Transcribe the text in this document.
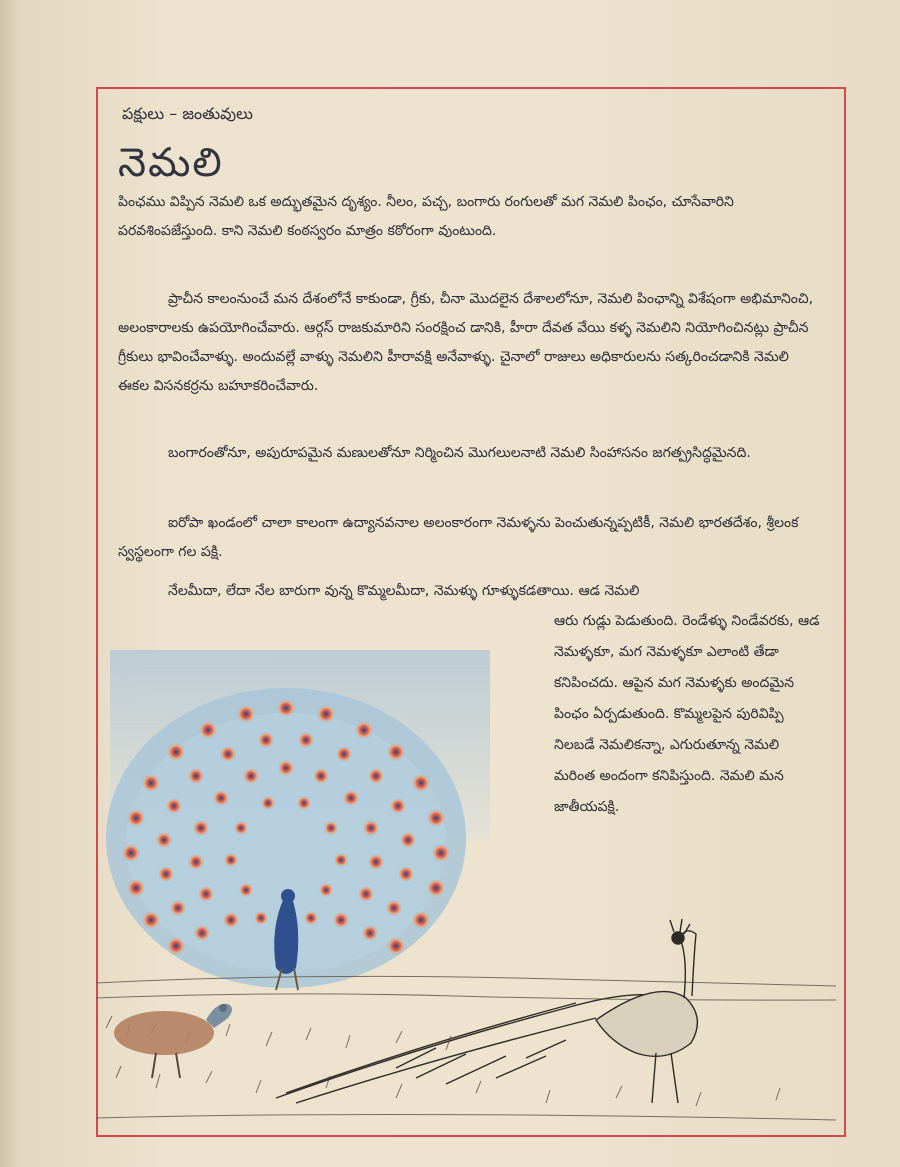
పక్షులు – జంతువులు
నెమలి
పింఛము విప్పిన నెమలి ఒక అద్భుతమైన దృశ్యం. నీలం, పచ్చ, బంగారు రంగులతో మగ నెమలి పింఛం, చూసేవారిని పరవశింపజేస్తుంది. కాని నెమలి కంఠస్వరం మాత్రం కఠోరంగా వుంటుంది.
ప్రాచీన కాలంనుంచే మన దేశంలోనే కాకుండా, గ్రీకు, చీనా మొదలైన దేశాలలోనూ, నెమలి పింఛాన్ని విశేషంగా అభిమానించి, అలంకారాలకు ఉపయోగించేవారు. ఆర్గస్ రాజకుమారిని సంరక్షించ డానికి, హీరా దేవత వేయి కళ్ళ నెమలిని నియోగించినట్లు ప్రాచీన గ్రీకులు భావించేవాళ్ళు. అందువల్లే వాళ్ళు నెమలిని హీరావక్షి అనేవాళ్ళు. చైనాలో రాజులు అధికారులను సత్కరించడానికి నెమలి ఈకల విసనకర్రను బహూకరించేవారు.
బంగారంతోనూ, అపురూపమైన మణులతోనూ నిర్మించిన మొగలులనాటి నెమలి సింహాసనం జగత్ప్రసిద్ధమైనది.
ఐరోపా ఖండంలో చాలా కాలంగా ఉద్యానవనాల అలంకారంగా నెమళ్ళను పెంచుతున్నప్పటికీ, నెమలి భారతదేశం, శ్రీలంక స్వస్థలంగా గల పక్షి.
నేలమీదా, లేదా నేల బారుగా వున్న కొమ్మలమీదా, నెమళ్ళు గూళ్ళుకడతాయి. ఆడ నెమలి
ఆరు గుడ్లు పెడుతుంది. రెండేళ్ళు నిండేవరకు, ఆడ నెమళ్ళకూ, మగ నెమళ్ళకూ ఎలాంటి తేడా కనిపించదు. ఆపైన మగ నెమళ్ళకు అందమైన పింఛం ఏర్పడుతుంది. కొమ్మలపైన పురివిప్పి నిలబడే నెమలికన్నా, ఎగురుతూన్న నెమలి మరింత అందంగా కనిపిస్తుంది. నెమలి మన జాతీయపక్షి.
